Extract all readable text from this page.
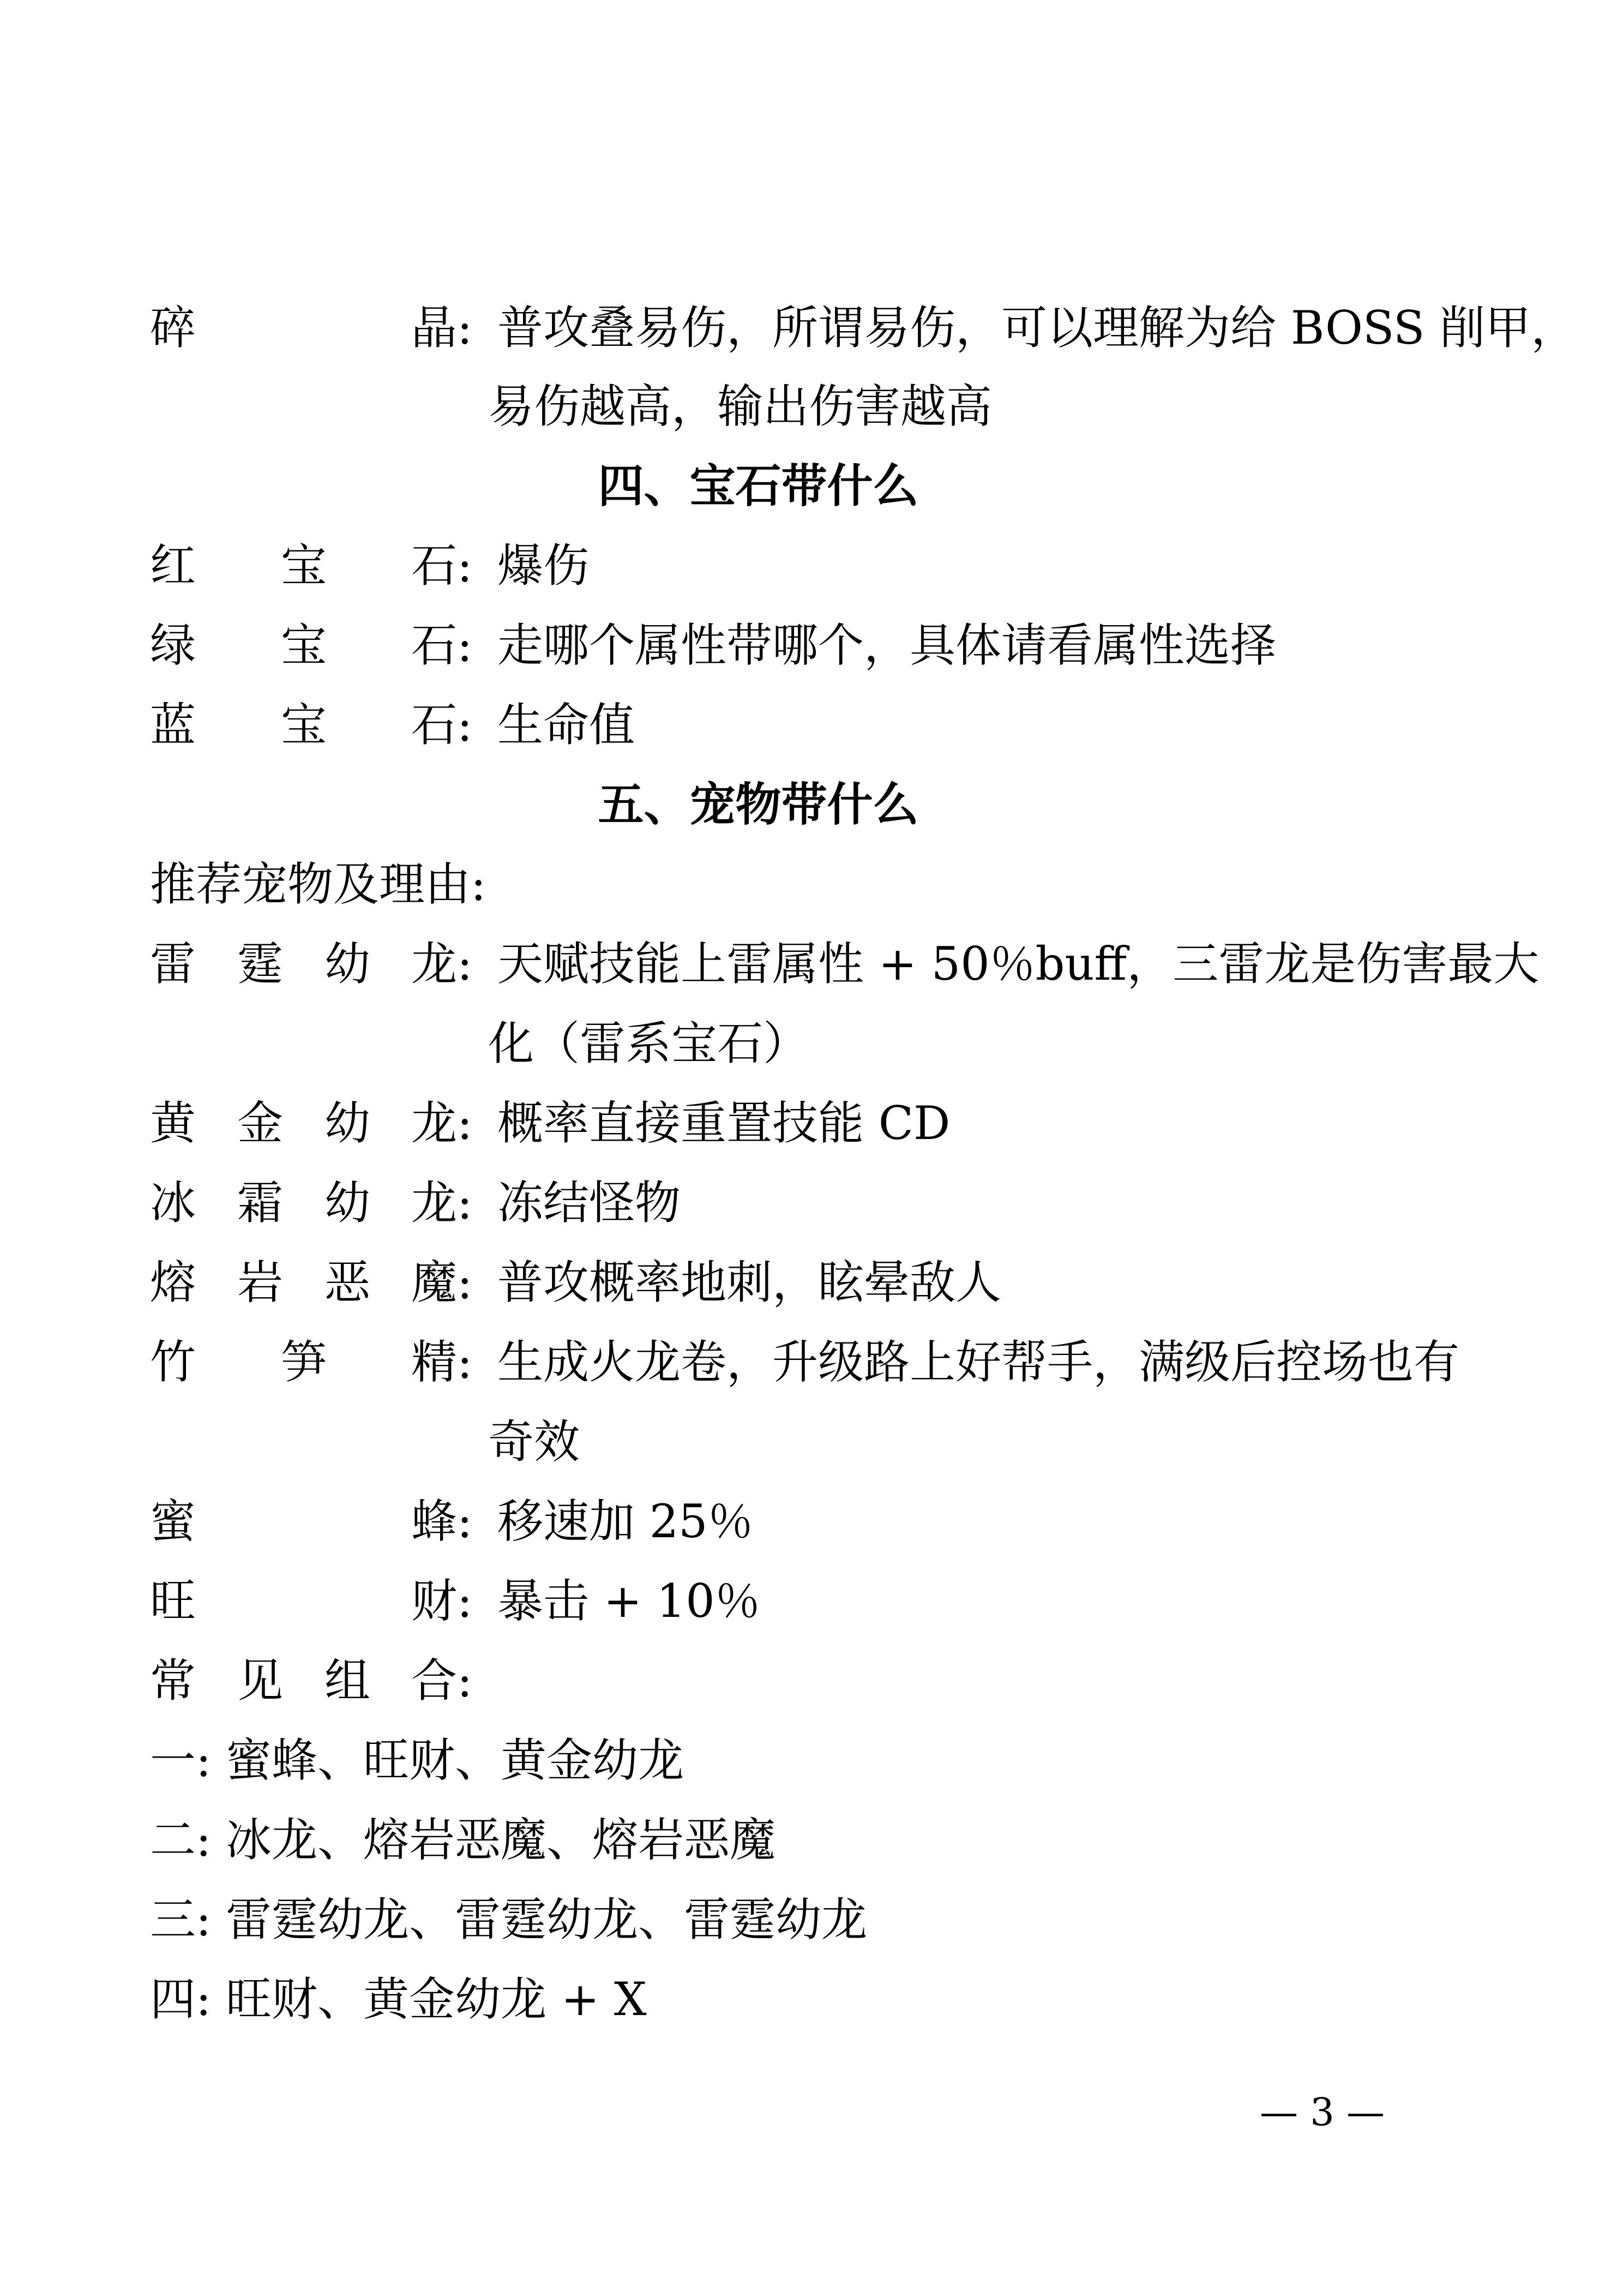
碎	晶: 普攻叠易伤，所谓易伤，可以理解为给 BOSS 削甲，
易伤越高，输出伤害越高
四、宝石带什么
红 宝 石: 爆伤
绿 宝 石: 走哪个属性带哪个，具体请看属性选择
蓝 宝 石: 生命值
五、宠物带什么
推荐宠物及理由:
雷 霆 幼 龙: 天赋技能上雷属性 + 50％buff，三雷龙是伤害最大
化（雷系宝石）
黄 金 幼 龙: 概率直接重置技能 CD
冰 霜 幼 龙: 冻结怪物
熔 岩 恶 魔: 普攻概率地刺，眩晕敌人
竹 笋 精: 生成火龙卷，升级路上好帮手，满级后控场也有
奇效
蜜	蜂: 移速加 25％
旺	财: 暴击 + 10％
常 见 组 合:
一: 蜜蜂、旺财、黄金幼龙
二: 冰龙、熔岩恶魔、熔岩恶魔
三: 雷霆幼龙、雷霆幼龙、雷霆幼龙
四: 旺财、黄金幼龙 + X
— 3 —
